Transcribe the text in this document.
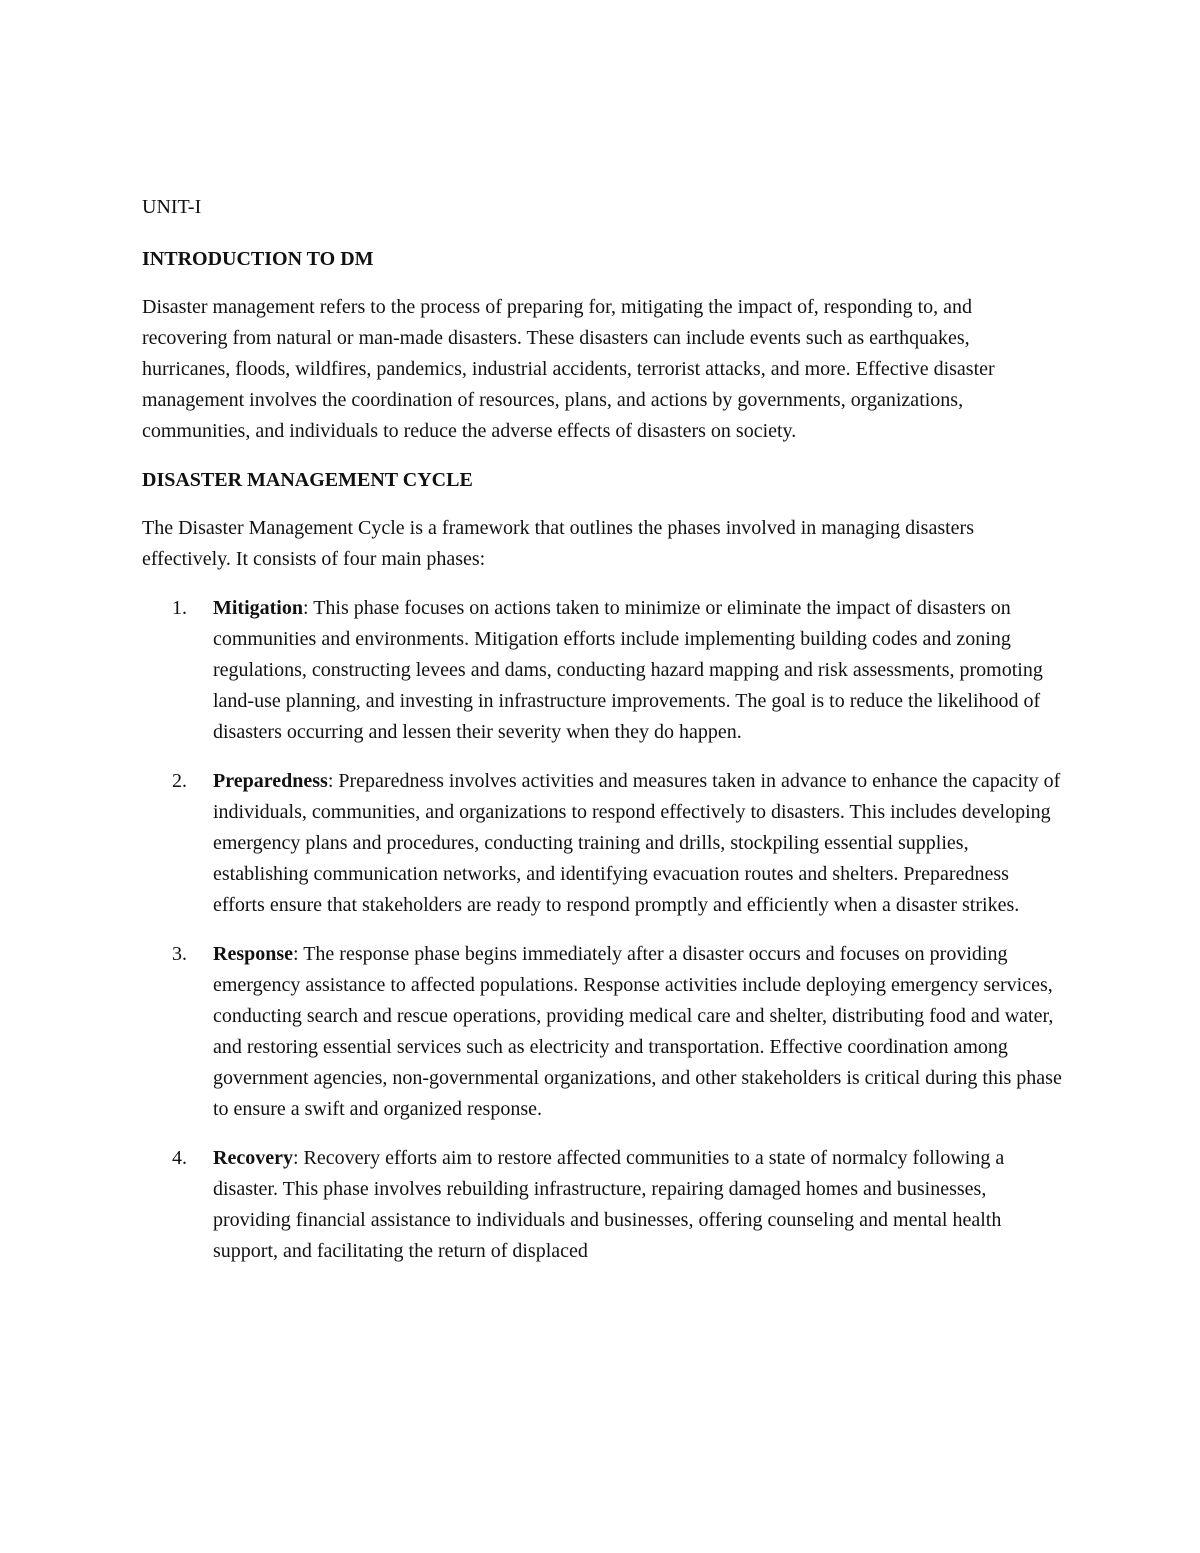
UNIT-I
INTRODUCTION TO DM

Disaster management refers to the process of preparing for, mitigating the impact of, responding to, and recovering from natural or man-made disasters. These disasters can include events such as earthquakes, hurricanes, floods, wildfires, pandemics, industrial accidents, terrorist attacks, and more. Effective disaster management involves the coordination of resources, plans, and actions by governments, organizations, communities, and individuals to reduce the adverse effects of disasters on society.

DISASTER MANAGEMENT CYCLE

The Disaster Management Cycle is a framework that outlines the phases involved in managing disasters effectively. It consists of four main phases:

1. Mitigation: This phase focuses on actions taken to minimize or eliminate the impact of disasters on communities and environments. Mitigation efforts include implementing building codes and zoning regulations, constructing levees and dams, conducting hazard mapping and risk assessments, promoting land-use planning, and investing in infrastructure improvements. The goal is to reduce the likelihood of disasters occurring and lessen their severity when they do happen.
2. Preparedness: Preparedness involves activities and measures taken in advance to enhance the capacity of individuals, communities, and organizations to respond effectively to disasters. This includes developing emergency plans and procedures, conducting training and drills, stockpiling essential supplies, establishing communication networks, and identifying evacuation routes and shelters. Preparedness efforts ensure that stakeholders are ready to respond promptly and efficiently when a disaster strikes.
3. Response: The response phase begins immediately after a disaster occurs and focuses on providing emergency assistance to affected populations. Response activities include deploying emergency services, conducting search and rescue operations, providing medical care and shelter, distributing food and water, and restoring essential services such as electricity and transportation. Effective coordination among government agencies, non-governmental organizations, and other stakeholders is critical during this phase to ensure a swift and organized response.
4. Recovery: Recovery efforts aim to restore affected communities to a state of normalcy following a disaster. This phase involves rebuilding infrastructure, repairing damaged homes and businesses, providing financial assistance to individuals and businesses, offering counseling and mental health support, and facilitating the return of displaced
